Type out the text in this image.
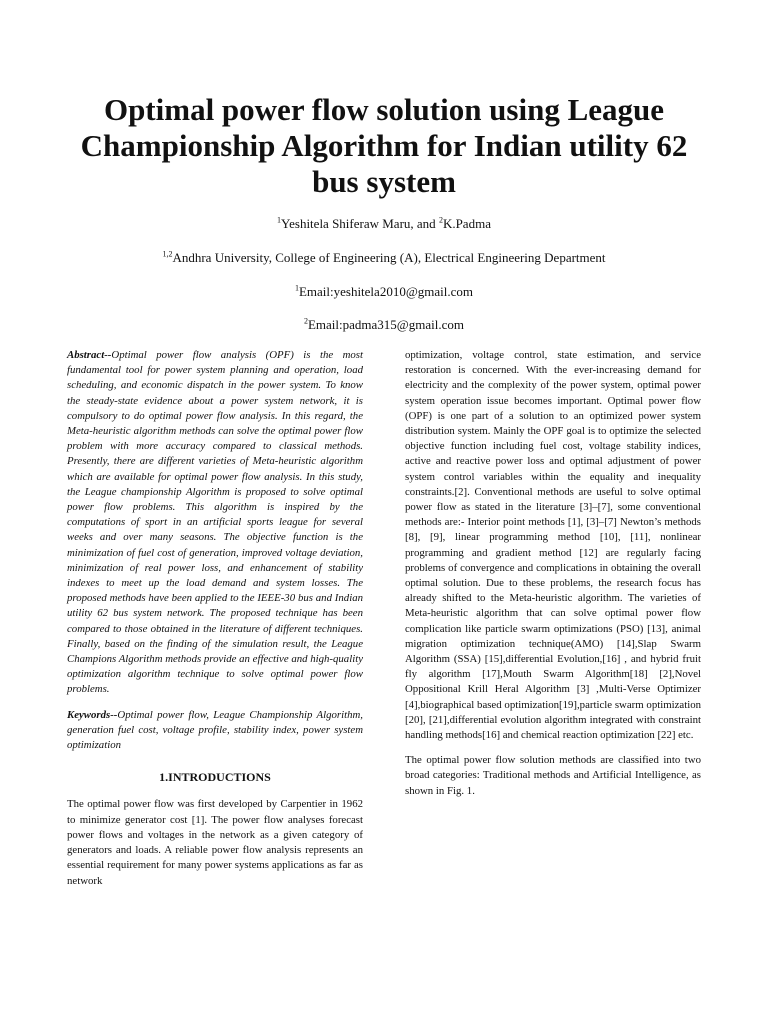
Optimal power flow solution using League Championship Algorithm for Indian utility 62 bus system
$^1$Yeshitela Shiferaw Maru, and $^2$K.Padma
$^{1,2}$Andhra University, College of Engineering (A), Electrical Engineering Department
$^1$Email:yeshitela2010@gmail.com
$^2$Email:padma315@gmail.com

Abstract--Optimal power flow analysis (OPF) is the most fundamental tool for power system planning and operation, load scheduling, and economic dispatch in the power system. To know the steady-state evidence about a power system network, it is compulsory to do optimal power flow analysis. In this regard, the Meta-heuristic algorithm methods can solve the optimal power flow problem with more accuracy compared to classical methods. Presently, there are different varieties of Meta-heuristic algorithm which are available for optimal power flow analysis. In this study, the League championship Algorithm is proposed to solve optimal power flow problems. This algorithm is inspired by the computations of sport in an artificial sports league for several weeks and over many seasons. The objective function is the minimization of fuel cost of generation, improved voltage deviation, minimization of real power loss, and enhancement of stability indexes to meet up the load demand and system losses. The proposed methods have been applied to the IEEE-30 bus and Indian utility 62 bus system network. The proposed technique has been compared to those obtained in the literature of different techniques. Finally, based on the finding of the simulation result, the League Champions Algorithm methods provide an effective and high-quality optimization algorithm technique to solve optimal power flow problems.

Keywords--Optimal power flow, League Championship Algorithm, generation fuel cost, voltage profile, stability index, power system optimization

1.INTRODUCTIONS

The optimal power flow was first developed by Carpentier in 1962 to minimize generator cost [1]. The power flow analyses forecast power flows and voltages in the network as a given category of generators and loads. A reliable power flow analysis represents an essential requirement for many power systems applications as far as network

optimization, voltage control, state estimation, and service restoration is concerned. With the ever-increasing demand for electricity and the complexity of the power system, optimal power system operation issue becomes important. Optimal power flow (OPF) is one part of a solution to an optimized power system distribution system. Mainly the OPF goal is to optimize the selected objective function including fuel cost, voltage stability indices, active and reactive power loss and optimal adjustment of power system control variables within the equality and inequality constraints.[2]. Conventional methods are useful to solve optimal power flow as stated in the literature [3]–[7], some conventional methods are:- Interior point methods [1], [3]–[7] Newton’s methods [8], [9], linear programming method [10], [11], nonlinear programming and gradient method [12] are regularly facing problems of convergence and complications in obtaining the overall optimal solution. Due to these problems, the research focus has already shifted to the Meta-heuristic algorithm. The varieties of Meta-heuristic algorithm that can solve optimal power flow complication like particle swarm optimizations (PSO) [13], animal migration optimization technique(AMO) [14],Slap Swarm Algorithm (SSA) [15],differential Evolution,[16] , and hybrid fruit fly algorithm [17],Mouth Swarm Algorithm[18] [2],Novel Oppositional Krill Heral Algorithm [3] ,Multi-Verse Optimizer [4],biographical based optimization[19],particle swarm optimization [20], [21],differential evolution algorithm integrated with constraint handling methods[16] and chemical reaction optimization [22] etc.

The optimal power flow solution methods are classified into two broad categories: Traditional methods and Artificial Intelligence, as shown in Fig. 1.
